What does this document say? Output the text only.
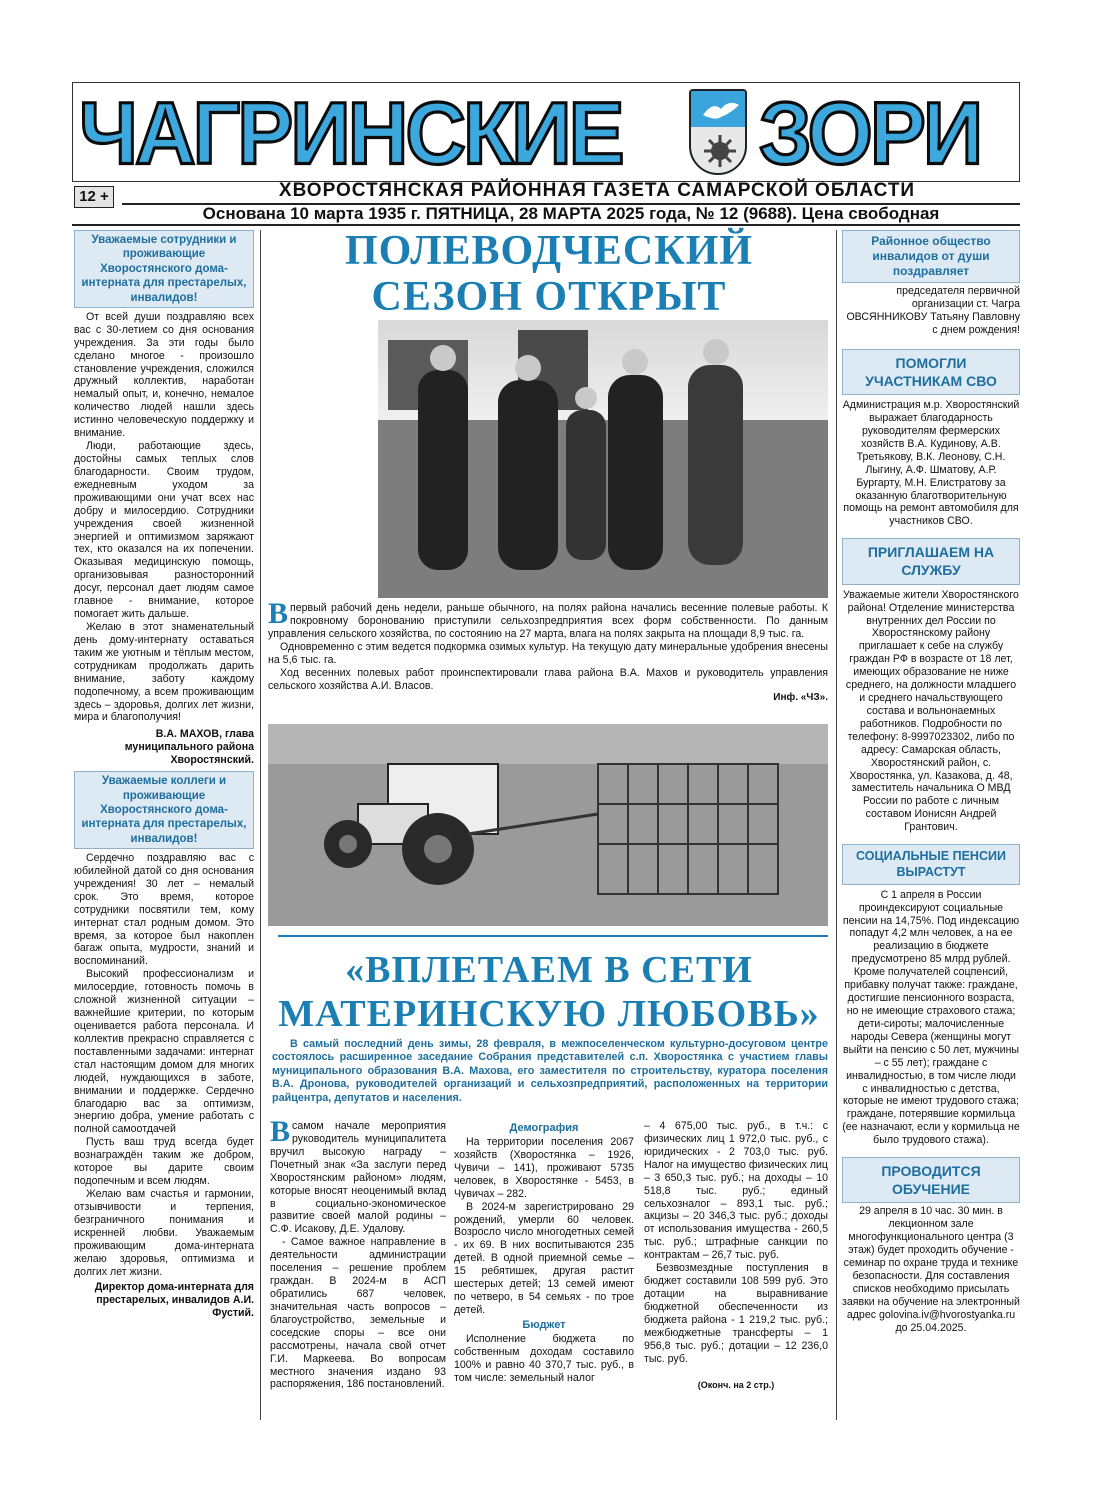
ЧАГРИНСКИЕ ЗОРИ
12 +	ХВОРОСТЯНСКАЯ РАЙОННАЯ ГАЗЕТА САМАРСКОЙ ОБЛАСТИ
Основана 10 марта 1935 г. ПЯТНИЦА, 28 МАРТА 2025 года, № 12 (9688). Цена свободная
Уважаемые сотрудники и проживающие Хворостянского дома-интерната для престарелых, инвалидов!

От всей души поздравляю всех вас с 30-летием со дня основания учреждения. За эти годы было сделано многое - произошло становление учреждения, сложился дружный коллектив, наработан немалый опыт, и, конечно, немалое количество людей нашли здесь истинно человеческую поддержку и внимание.

Люди, работающие здесь, достойны самых теплых слов благодарности. Своим трудом, ежедневным уходом за проживающими они учат всех нас добру и милосердию. Сотрудники учреждения своей жизненной энергией и оптимизмом заряжают тех, кто оказался на их попечении. Оказывая медицинскую помощь, организовывая разносторонний досуг, персонал дает людям самое главное - внимание, которое помогает жить дальше.

Желаю в этот знаменательный день дому-интернату оставаться таким же уютным и тёплым местом, сотрудникам продолжать дарить внимание, заботу каждому подопечному, а всем проживающим здесь – здоровья, долгих лет жизни, мира и благополучия!

В.А. МАХОВ, глава муниципального района Хворостянский.

Уважаемые коллеги и проживающие Хворостянского дома-интерната для престарелых, инвалидов!

Сердечно поздравляю вас с юбилейной датой со дня основания учреждения! 30 лет – немалый срок. Это время, которое сотрудники посвятили тем, кому интернат стал родным домом. Это время, за которое был накоплен багаж опыта, мудрости, знаний и воспоминаний.

Высокий профессионализм и милосердие, готовность помочь в сложной жизненной ситуации – важнейшие критерии, по которым оценивается работа персонала. И коллектив прекрасно справляется с поставленными задачами: интернат стал настоящим домом для многих людей, нуждающихся в заботе, внимании и поддержке. Сердечно благодарю вас за оптимизм, энергию добра, умение работать с полной самоотдачей

Пусть ваш труд всегда будет вознаграждён таким же добром, которое вы дарите своим подопечным и всем людям.

Желаю вам счастья и гармонии, отзывчивости и терпения, безграничного понимания и искренней любви. Уважаемым проживающим дома-интерната желаю здоровья, оптимизма и долгих лет жизни.

Директор дома-интерната для престарелых, инвалидов А.И. Фустий.

ПОЛЕВОДЧЕСКИЙ СЕЗОН ОТКРЫТ

В первый рабочий день недели, раньше обычного, на полях района начались весенние полевые работы. К покровному боронованию приступили сельхозпредприятия всех форм собственности. По данным управления сельского хозяйства, по состоянию на 27 марта, влага на полях закрыта на площади 8,9 тыс. га.

Одновременно с этим ведется подкормка озимых культур. На текущую дату минеральные удобрения внесены на 5,6 тыс. га.

Ход весенних полевых работ проинспектировали глава района В.А. Махов и руководитель управления сельского хозяйства А.И. Власов.

Инф. «ЧЗ».

«ВПЛЕТАЕМ В СЕТИ МАТЕРИНСКУЮ ЛЮБОВЬ»
В самый последний день зимы, 28 февраля, в межпоселенческом культурно-досуговом центре состоялось расширенное заседание Собрания представителей с.п. Хворостянка с участием главы муниципального образования В.А. Махова, его заместителя по строительству, куратора поселения В.А. Дронова, руководителей организаций и сельхозпредприятий, расположенных на территории райцентра, депутатов и населения.

В самом начале мероприятия руководитель муниципалитета вручил высокую награду – Почетный знак «За заслуги перед Хворостянским районом» людям, которые вносят неоценимый вклад в социально-экономическое развитие своей малой родины – С.Ф. Исакову, Д.Е. Удалову.

- Самое важное направление в деятельности администрации поселения – решение проблем граждан. В 2024-м в АСП обратились 687 человек, значительная часть вопросов – благоустройство, земельные и соседские споры – все они рассмотрены, начала свой отчет Г.И. Маркеева. Во вопросам местного значения издано 93 распоряжения, 186 постановлений.

Демография

На территории поселения 2067 хозяйств (Хворостянка – 1926, Чувичи – 141), проживают 5735 человек, в Хворостянке - 5453, в Чувичах – 282.

В 2024-м зарегистрировано 29 рождений, умерли 60 человек. Возросло число многодетных семей - их 69. В них воспитываются 235 детей. В одной приемной семье – 15 ребятишек, другая растит шестерых детей; 13 семей имеют по четверо, в 54 семьях - по трое детей.

Бюджет

Исполнение бюджета по собственным доходам составило 100% и равно 40 370,7 тыс. руб., в том числе: земельный налог

– 4 675,00 тыс. руб., в т.ч.: с физических лиц 1 972,0 тыс. руб., с юридических - 2 703,0 тыс. руб. Налог на имущество физических лиц – 3 650,3 тыс. руб.; на доходы – 10 518,8 тыс. руб.; единый сельхозналог – 893,1 тыс. руб.; акцизы – 20 346,3 тыс. руб.; доходы от использования имущества - 260,5 тыс. руб.; штрафные санкции по контрактам – 26,7 тыс. руб.

Безвозмездные поступления в бюджет составили 108 599 руб. Это дотации на выравнивание бюджетной обеспеченности из бюджета района - 1 219,2 тыс. руб.; межбюджетные трансферты – 1 956,8 тыс. руб.; дотации – 12 236,0 тыс. руб.

(Оконч. на 2 стр.)

Районное общество инвалидов от души поздравляет

председателя первичной организации ст. Чагра ОВСЯННИКОВУ Татьяну Павловну с днем рождения!

ПОМОГЛИ УЧАСТНИКАМ СВО

Администрация м.р. Хворостянский выражает благодарность руководителям фермерских хозяйств В.А. Кудинову, А.В. Третьякову, В.К. Леонову, С.Н. Лыгину, А.Ф. Шматову, А.Р. Бургарту, М.Н. Елистратову за оказанную благотворительную помощь на ремонт автомобиля для участников СВО.

ПРИГЛАШАЕМ НА СЛУЖБУ

Уважаемые жители Хворостянского района! Отделение министерства внутренних дел России по Хворостянскому району приглашает к себе на службу граждан РФ в возрасте от 18 лет, имеющих образование не ниже среднего, на должности младшего и среднего начальствующего состава и вольнонаемных работников. Подробности по телефону: 8-9997023302, либо по адресу: Самарская область, Хворостянский район, с. Хворостянка, ул. Казакова, д. 48, заместитель начальника О МВД России по работе с личным составом Ионисян Андрей Грантович.

СОЦИАЛЬНЫЕ ПЕНСИИ ВЫРАСТУТ

С 1 апреля в России проиндексируют социальные пенсии на 14,75%. Под индексацию попадут 4,2 млн человек, а на ее реализацию в бюджете предусмотрено 85 млрд рублей. Кроме получателей соцпенсий, прибавку получат также: граждане, достигшие пенсионного возраста, но не имеющие страхового стажа; дети-сироты; малочисленные народы Севера (женщины могут выйти на пенсию с 50 лет, мужчины – с 55 лет); граждане с инвалидностью, в том числе люди с инвалидностью с детства, которые не имеют трудового стажа; граждане, потерявшие кормильца (ее назначают, если у кормильца не было трудового стажа).

ПРОВОДИТСЯ ОБУЧЕНИЕ

29 апреля в 10 час. 30 мин. в лекционном зале многофункционального центра (3 этаж) будет проходить обучение - семинар по охране труда и технике безопасности. Для составления списков необходимо присылать заявки на обучение на электронный адрес golovina.iv@hvorostyanka.ru до 25.04.2025.
